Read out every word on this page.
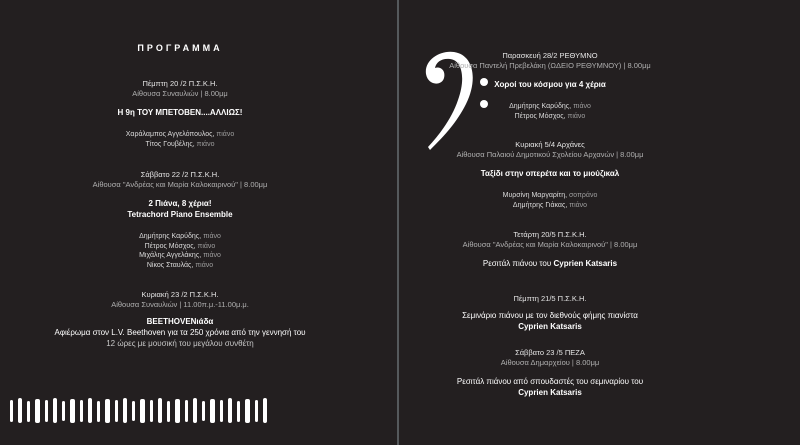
ΠΡΟΓΡΑΜΜΑ
Πέμπτη 20 /2 Π.Σ.Κ.Η.
Αίθουσα Συναυλιών | 8.00μμ
Η 9η ΤΟΥ ΜΠΕΤΟΒΕΝ....ΑΛΛΙΩΣ!
Χαράλαμπος Αγγελόπουλος, πιάνο
Τίτος Γουβέλης, πιάνο
Σάββατο 22 /2 Π.Σ.Κ.Η.
Αίθουσα "Ανδρέας και Μαρία Καλοκαιρινού" | 8.00μμ
2 Πιάνα, 8 χέρια!
Tetrachord Piano Ensemble
Δημήτρης Καρύδης, πιάνο
Πέτρος Μόσχος, πιάνο
Μιχάλης Αγγελάκης, πιάνο
Νίκος Σταυλάς, πιάνο
Κυριακή 23 /2 Π.Σ.Κ.Η.
Αίθουσα Συναυλιών | 11.00π.μ.-11.00μ.μ.
BEETHOVENιάδα
Αφιέρωμα στον L.V. Beethoven για τα 250 χρόνια από την γεννησή του
12 ώρες με μουσική του μεγάλου συνθέτη
Παρασκευή 28/2 ΡΕΘΥΜΝΟ
Αίθουσα Παντελή Πρεβελάκη (ΩΔΕΙΟ ΡΕΘΥΜΝΟΥ) | 8.00μμ
Χοροί του κόσμου για 4 χέρια
Δημήτρης Καρύδης, πιάνο
Πέτρος Μόσχος, πιάνο
Κυριακή 5/4 Αρχάνες
Αίθουσα Παλαιού Δημοτικού Σχολείου Αρχανών | 8.00μμ
Ταξίδι στην οπερέτα και το μιούζικαλ
Μυρσίνη Μαργαρίτη, σοπράνο
Δημήτρης Γιάκας, πιάνο
Τετάρτη 20/5 Π.Σ.Κ.Η.
Αίθουσα "Ανδρέας και Μαρία Καλοκαιρινού" | 8.00μμ
Ρεσιτάλ πιάνου του Cyprien Katsaris
Πέμπτη 21/5 Π.Σ.Κ.Η.
Σεμινάριο πιάνου με τον διεθνούς φήμης πιανίστα
Cyprien Katsaris
Σάββατο 23 /5 ΠΕΖΑ
Αίθουσα Δημαρχείου | 8.00μμ
Ρεσιτάλ πιάνου από σπουδαστές του σεμιναρίου του
Cyprien Katsaris
